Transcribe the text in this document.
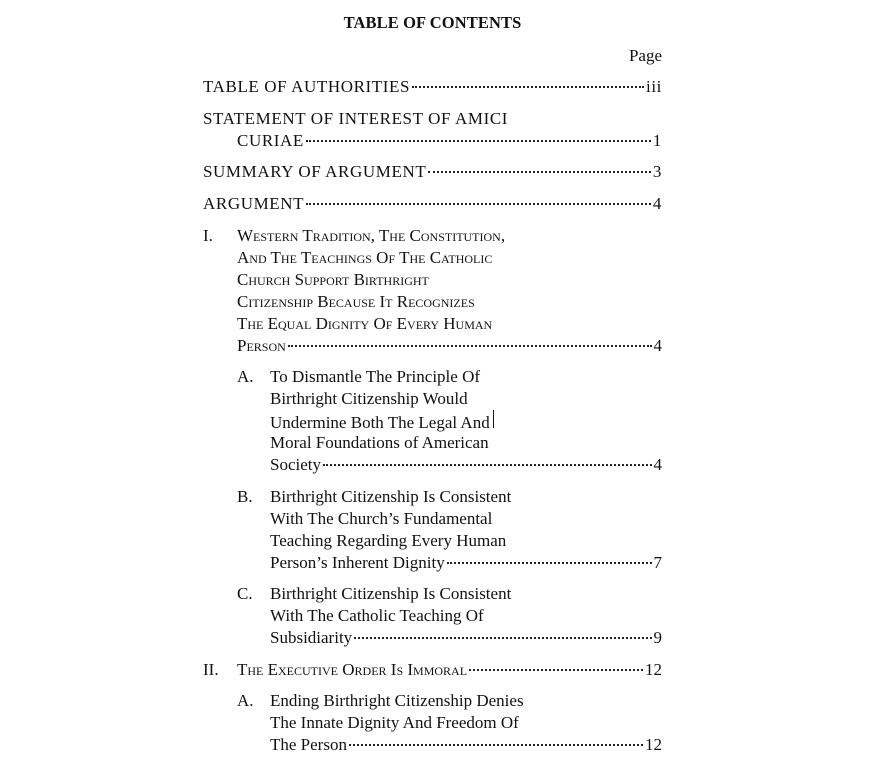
TABLE OF CONTENTS
Page
TABLE OF AUTHORITIES	iii
STATEMENT OF INTEREST OF AMICI
CURIAE	1
SUMMARY OF ARGUMENT	3
ARGUMENT	4
I. Western Tradition, The Constitution,
And The Teachings Of The Catholic
Church Support Birthright
Citizenship Because It Recognizes
The Equal Dignity Of Every Human
Person	4
A. To Dismantle The Principle Of
Birthright Citizenship Would
Undermine Both The Legal And
Moral Foundations of American
Society	4
B. Birthright Citizenship Is Consistent
With The Church’s Fundamental
Teaching Regarding Every Human
Person’s Inherent Dignity	7
C. Birthright Citizenship Is Consistent
With The Catholic Teaching Of
Subsidiarity	9
II. The Executive Order Is Immoral	12
A. Ending Birthright Citizenship Denies
The Innate Dignity And Freedom Of
The Person	12
